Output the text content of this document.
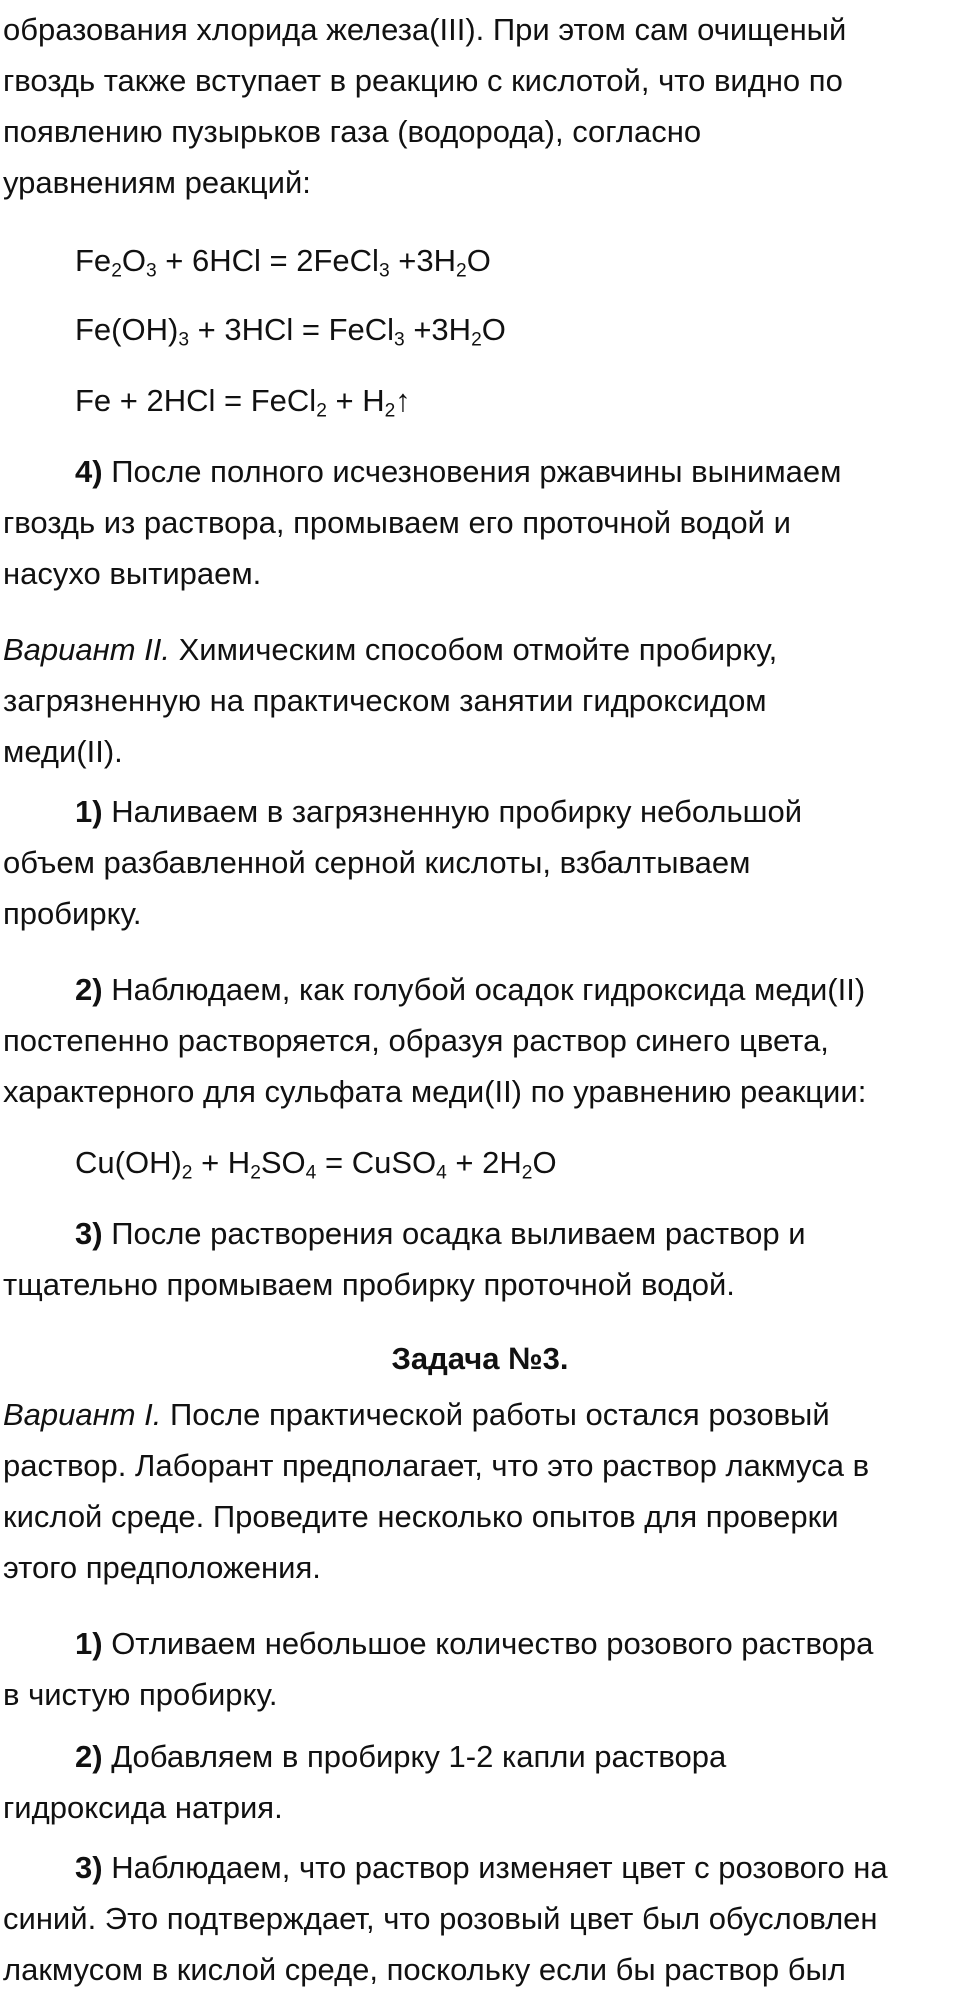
образования хлорида железа(III). При этом сам очищеный
гвоздь также вступает в реакцию с кислотой, что видно по
появлению пузырьков газа (водорода), согласно
уравнениям реакций:
$Fe_2O_3 + 6HCl$ = 2FeCl$_3$ $+3H_2O$
$Fe(OH)_3 + 3HCl$ = FeCl$_3$ $+3H_2O$
Fe + 2HCl = FeCl$_2$ + $H_2↑$
4) После полного исчезновения ржавчины вынимаем
гвоздь из раствора, промываем его проточной водой и
насухо вытираем.
Вариант II. Химическим способом отмойте пробирку,
загрязненную на практическом занятии гидроксидом
меди(II).
1) Наливаем в загрязненную пробирку небольшой
объем разбавленной серной кислоты, взбалтываем
пробирку.
2) Наблюдаем, как голубой осадок гидроксида меди(II)
постепенно растворяется, образуя раствор синего цвета,
характерного для сульфата меди(II) по уравнению реакции:
$Cu(OH)_2 + H_2SO_4$ = CuSO$_4$ + $2H_2O$
3) После растворения осадка выливаем раствор и
тщательно промываем пробирку проточной водой.
Задача №3.
Вариант I. После практической работы остался розовый
раствор. Лаборант предполагает, что это раствор лакмуса в
кислой среде. Проведите несколько опытов для проверки
этого предположения.
1) Отливаем небольшое количество розового раствора
в чистую пробирку.
2) Добавляем в пробирку 1-2 капли раствора
гидроксида натрия.
3) Наблюдаем, что раствор изменяет цвет с розового на
синий. Это подтверждает, что розовый цвет был обусловлен
лакмусом в кислой среде, поскольку если бы раствор был
